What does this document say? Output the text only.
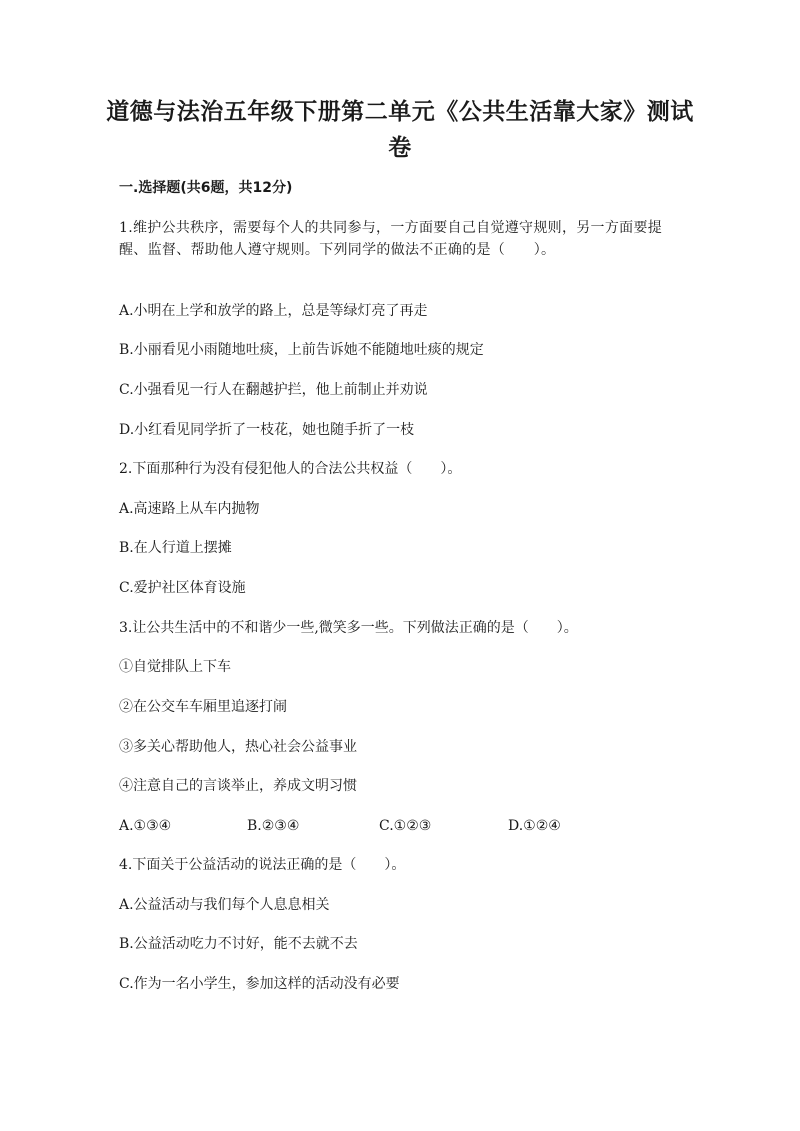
道德与法治五年级下册第二单元《公共生活靠大家》测试卷
一.选择题(共6题，共12分)
1.维护公共秩序，需要每个人的共同参与，一方面要自己自觉遵守规则，另一方面要提醒、监督、帮助他人遵守规则。下列同学的做法不正确的是（　　）。
A.小明在上学和放学的路上，总是等绿灯亮了再走
B.小丽看见小雨随地吐痰，上前告诉她不能随地吐痰的规定
C.小强看见一行人在翻越护拦，他上前制止并劝说
D.小红看见同学折了一枝花，她也随手折了一枝
2.下面那种行为没有侵犯他人的合法公共权益（　　）。
A.高速路上从车内抛物
B.在人行道上摆摊
C.爱护社区体育设施
3.让公共生活中的不和谐少一些,微笑多一些。下列做法正确的是（　　）。
①自觉排队上下车
②在公交车车厢里追逐打闹
③多关心帮助他人，热心社会公益事业
④注意自己的言谈举止，养成文明习惯
A.①③④	B.②③④	C.①②③	D.①②④
4.下面关于公益活动的说法正确的是（　　）。
A.公益活动与我们每个人息息相关
B.公益活动吃力不讨好，能不去就不去
C.作为一名小学生，参加这样的活动没有必要
